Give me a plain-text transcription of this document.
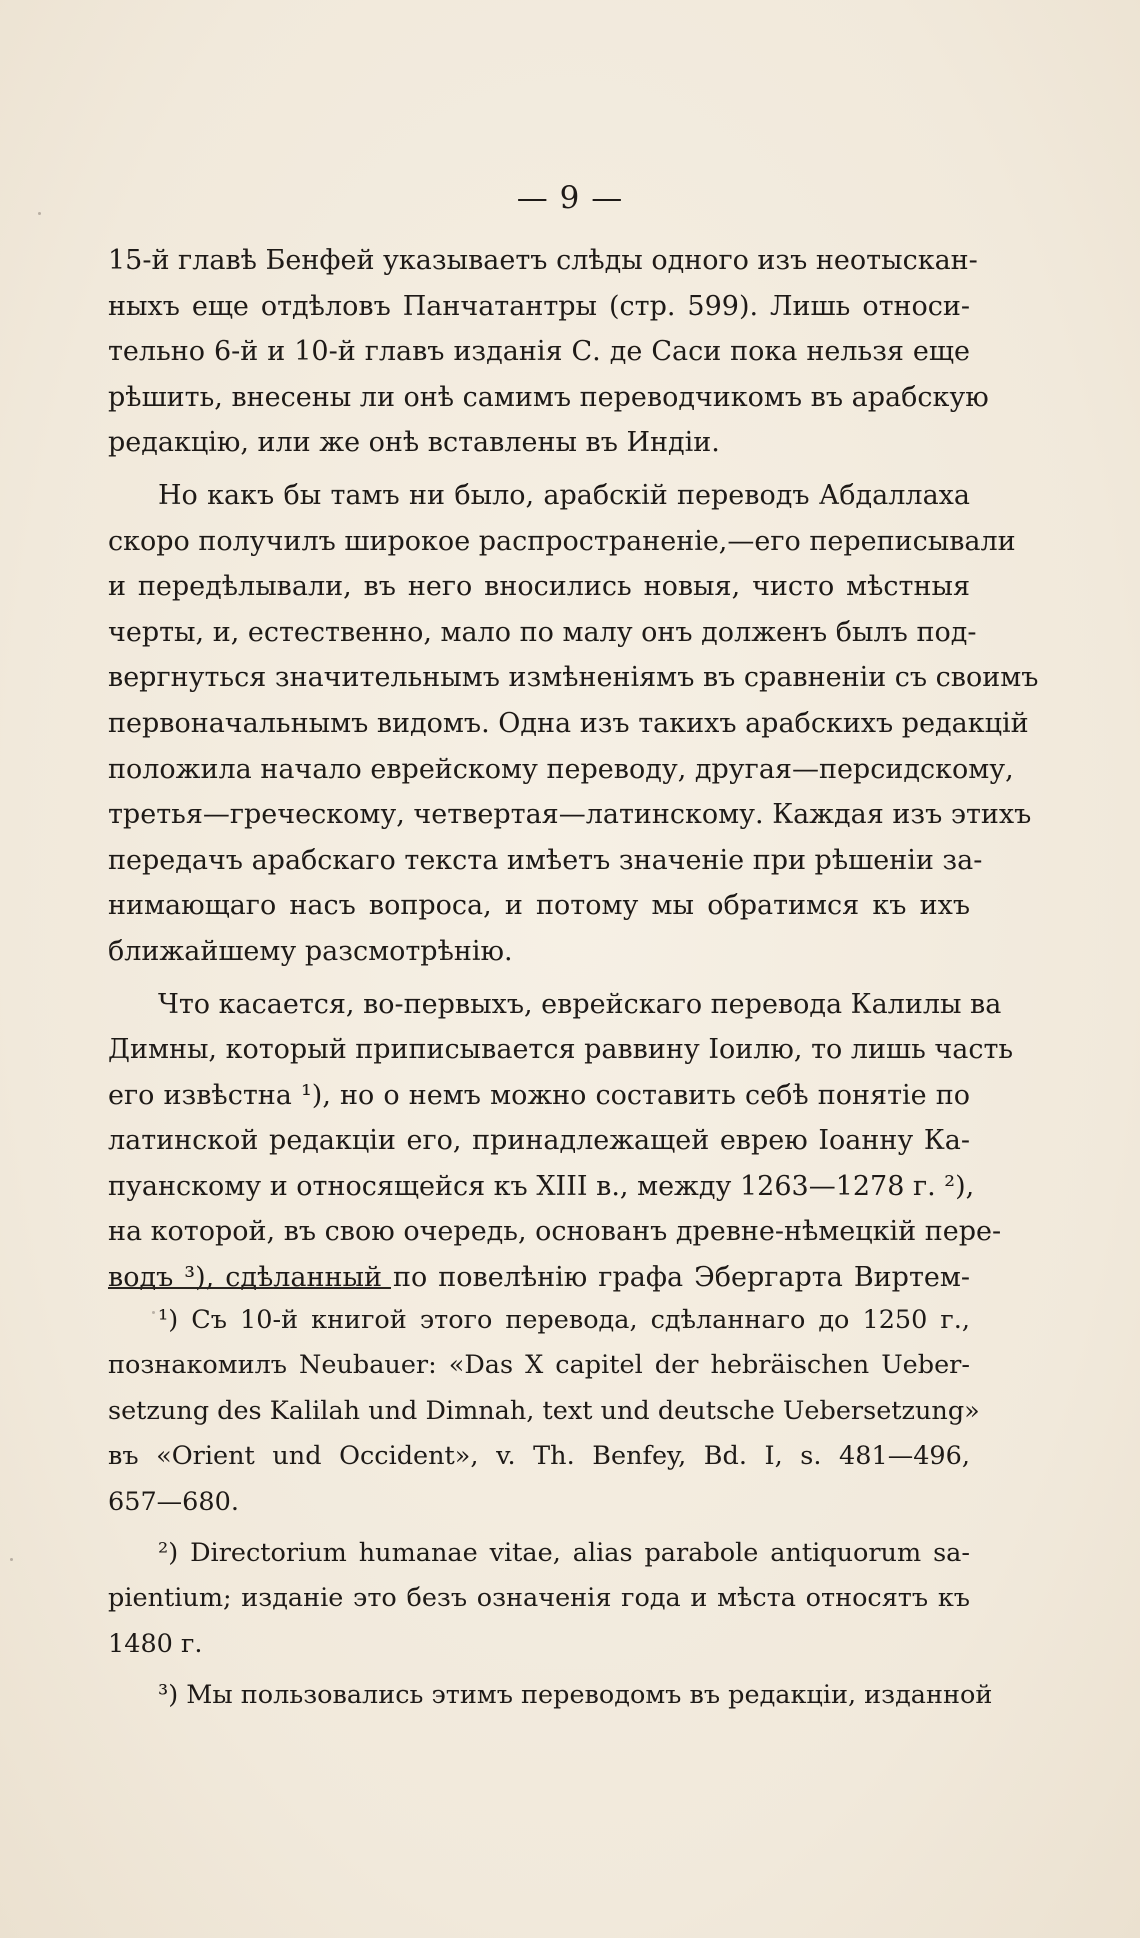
— 9 —

15-й главѣ Бенфей указываетъ слѣды одного изъ неотыскан-
ныхъ еще отдѣловъ Панчатантры (стр. 599). Лишь относи-
тельно 6-й и 10-й главъ изданія С. де Саси пока нельзя еще
рѣшить, внесены ли онѣ самимъ переводчикомъ въ арабскую
редакцію, или же онѣ вставлены въ Индіи.

Но какъ бы тамъ ни было, арабскій переводъ Абдаллаха
скоро получилъ широкое распространеніе,—его переписывали
и передѣлывали, въ него вносились новыя, чисто мѣстныя
черты, и, естественно, мало по малу онъ долженъ былъ под-
вергнуться значительнымъ измѣненіямъ въ сравненіи съ своимъ
первоначальнымъ видомъ. Одна изъ такихъ арабскихъ редакцій
положила начало еврейскому переводу, другая—персидскому,
третья—греческому, четвертая—латинскому. Каждая изъ этихъ
передачъ арабскаго текста имѣетъ значеніе при рѣшеніи за-
нимающаго насъ вопроса, и потому мы обратимся къ ихъ
ближайшему разсмотрѣнію.

Что касается, во-первыхъ, еврейскаго перевода Калилы ва
Димны, который приписывается раввину Іоилю, то лишь часть
его извѣстна ¹), но о немъ можно составить себѣ понятіе по
латинской редакціи его, принадлежащей еврею Іоанну Ка-
пуанскому и относящейся къ XIII в., между 1263—1278 г. ²),
на которой, въ свою очередь, основанъ древне-нѣмецкій пере-
водъ ³), сдѣланный по повелѣнію графа Эбергарта Виртем-

¹) Съ 10-й книгой этого перевода, сдѣланнаго до 1250 г.,
познакомилъ Neubauer: «Das X capitel der hebräischen Ueber-
setzung des Kalilah und Dimnah, text und deutsche Uebersetzung»
въ «Orient und Occident», v. Th. Benfey, Bd. I, s. 481—496,
657—680.
²) Directorium humanae vitae, alias parabole antiquorum sa-
pientium; изданіе это безъ означенія года и мѣста относятъ къ
1480 г.
³) Мы пользовались этимъ переводомъ въ редакціи, изданной
